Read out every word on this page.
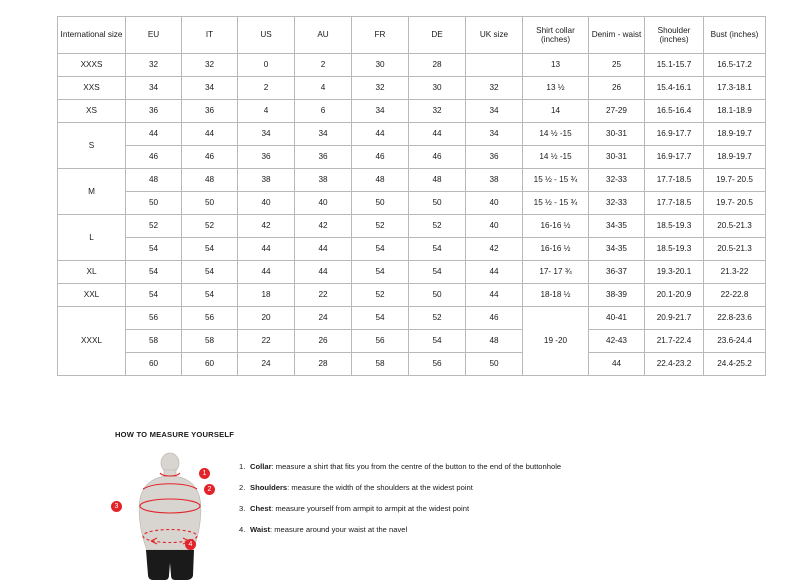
International size	EU	IT	US	AU	FR	DE	UK size	Shirt collar (inches)	Denim - waist	Shoulder (inches)	Bust (inches)
XXXS	32	32	0	2	30	28		13	25	15.1-15.7	16.5-17.2
XXS	34	34	2	4	32	30	32	13 ½	26	15.4-16.1	17.3-18.1
XS	36	36	4	6	34	32	34	14	27-29	16.5-16.4	18.1-18.9
S	44	44	34	34	44	44	34	14 ½ -15	30-31	16.9-17.7	18.9-19.7
	46	46	36	36	46	46	36	14 ½ -15	30-31	16.9-17.7	18.9-19.7
M	48	48	38	38	48	48	38	15 ½ - 15 ¾	32-33	17.7-18.5	19.7- 20.5
	50	50	40	40	50	50	40	15 ½ - 15 ¾	32-33	17.7-18.5	19.7- 20.5
L	52	52	42	42	52	52	40	16-16 ½	34-35	18.5-19.3	20.5-21.3
	54	54	44	44	54	54	42	16-16 ½	34-35	18.5-19.3	20.5-21.3
XL	54	54	44	44	54	54	44	17- 17 ¾	36-37	19.3-20.1	21.3-22
XXL	54	54	18	22	52	50	44	18-18 ½	38-39	20.1-20.9	22-22.8
XXXL	56	56	20	24	54	52	46	19 -20	40-41	20.9-21.7	22.8-23.6
	58	58	22	26	56	54	48		42-43	21.7-22.4	23.6-24.4
	60	60	24	28	58	56	50		44	22.4-23.2	24.4-25.2
HOW TO MEASURE YOURSELF
1
2
3
4
1. Collar: measure a shirt that fits you from the centre of the button to the end of the buttonhole
2. Shoulders: measure the width of the shoulders at the widest point
3. Chest: measure yourself from armpit to armpit at the widest point
4. Waist: measure around your waist at the navel
